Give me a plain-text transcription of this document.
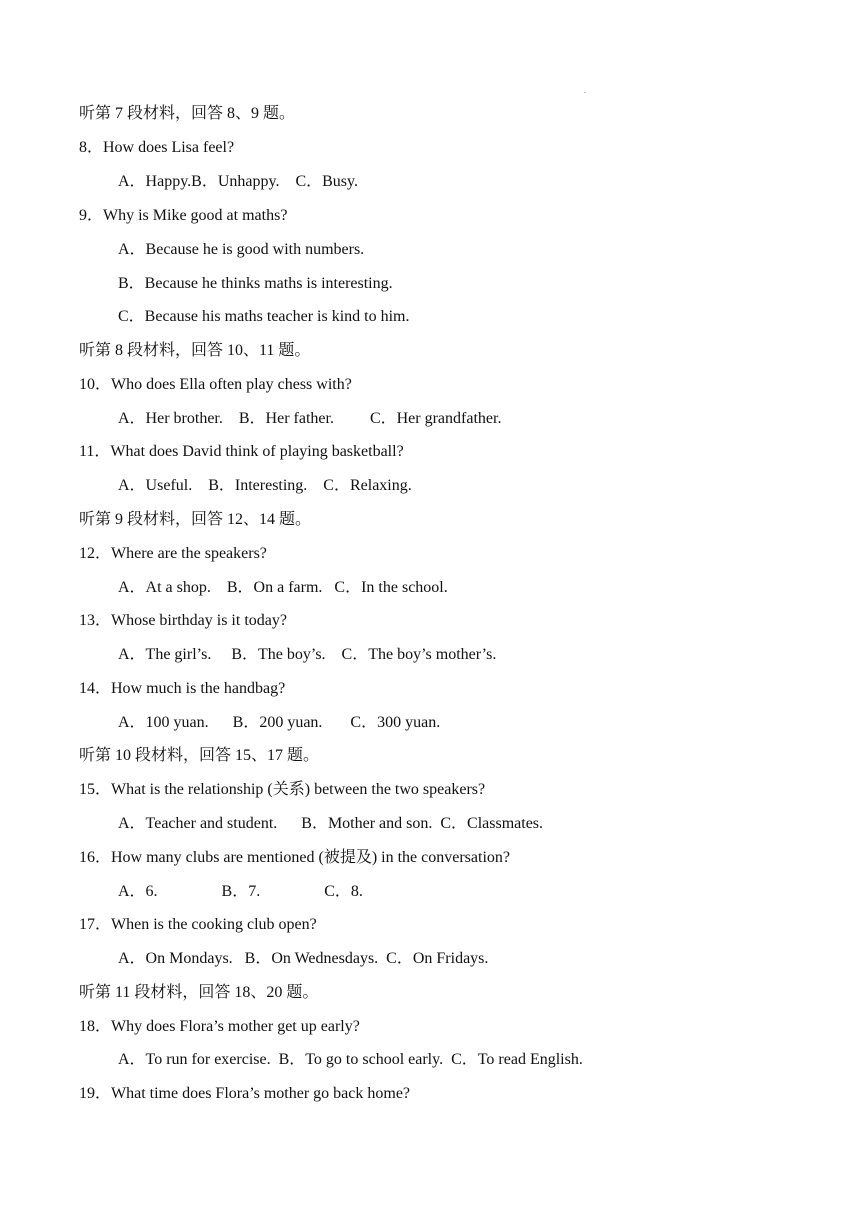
.
听第 7 段材料，回答 8、9 题。
8．How does Lisa feel?
A．Happy.B．Unhappy.    C．Busy.
9．Why is Mike good at maths?
A．Because he is good with numbers.
B．Because he thinks maths is interesting.
C．Because his maths teacher is kind to him.
听第 8 段材料，回答 10、11 题。
10．Who does Ella often play chess with?
A．Her brother.    B．Her father.         C．Her grandfather.
11．What does David think of playing basketball?
A．Useful.    B．Interesting.    C．Relaxing.
听第 9 段材料，回答 12、14 题。
12．Where are the speakers?
A．At a shop.    B．On a farm.   C．In the school.
13．Whose birthday is it today?
A．The girl’s.     B．The boy’s.    C．The boy’s mother’s.
14．How much is the handbag?
A．100 yuan.      B．200 yuan.       C．300 yuan.
听第 10 段材料，回答 15、17 题。
15．What is the relationship (关系) between the two speakers?
A．Teacher and student.      B．Mother and son.  C．Classmates.
16．How many clubs are mentioned (被提及) in the conversation?
A．6.                B．7.                C．8.
17．When is the cooking club open?
A．On Mondays.   B．On Wednesdays.  C．On Fridays.
听第 11 段材料，回答 18、20 题。
18．Why does Flora’s mother get up early?
A．To run for exercise.  B．To go to school early.  C．To read English.
19．What time does Flora’s mother go back home?
